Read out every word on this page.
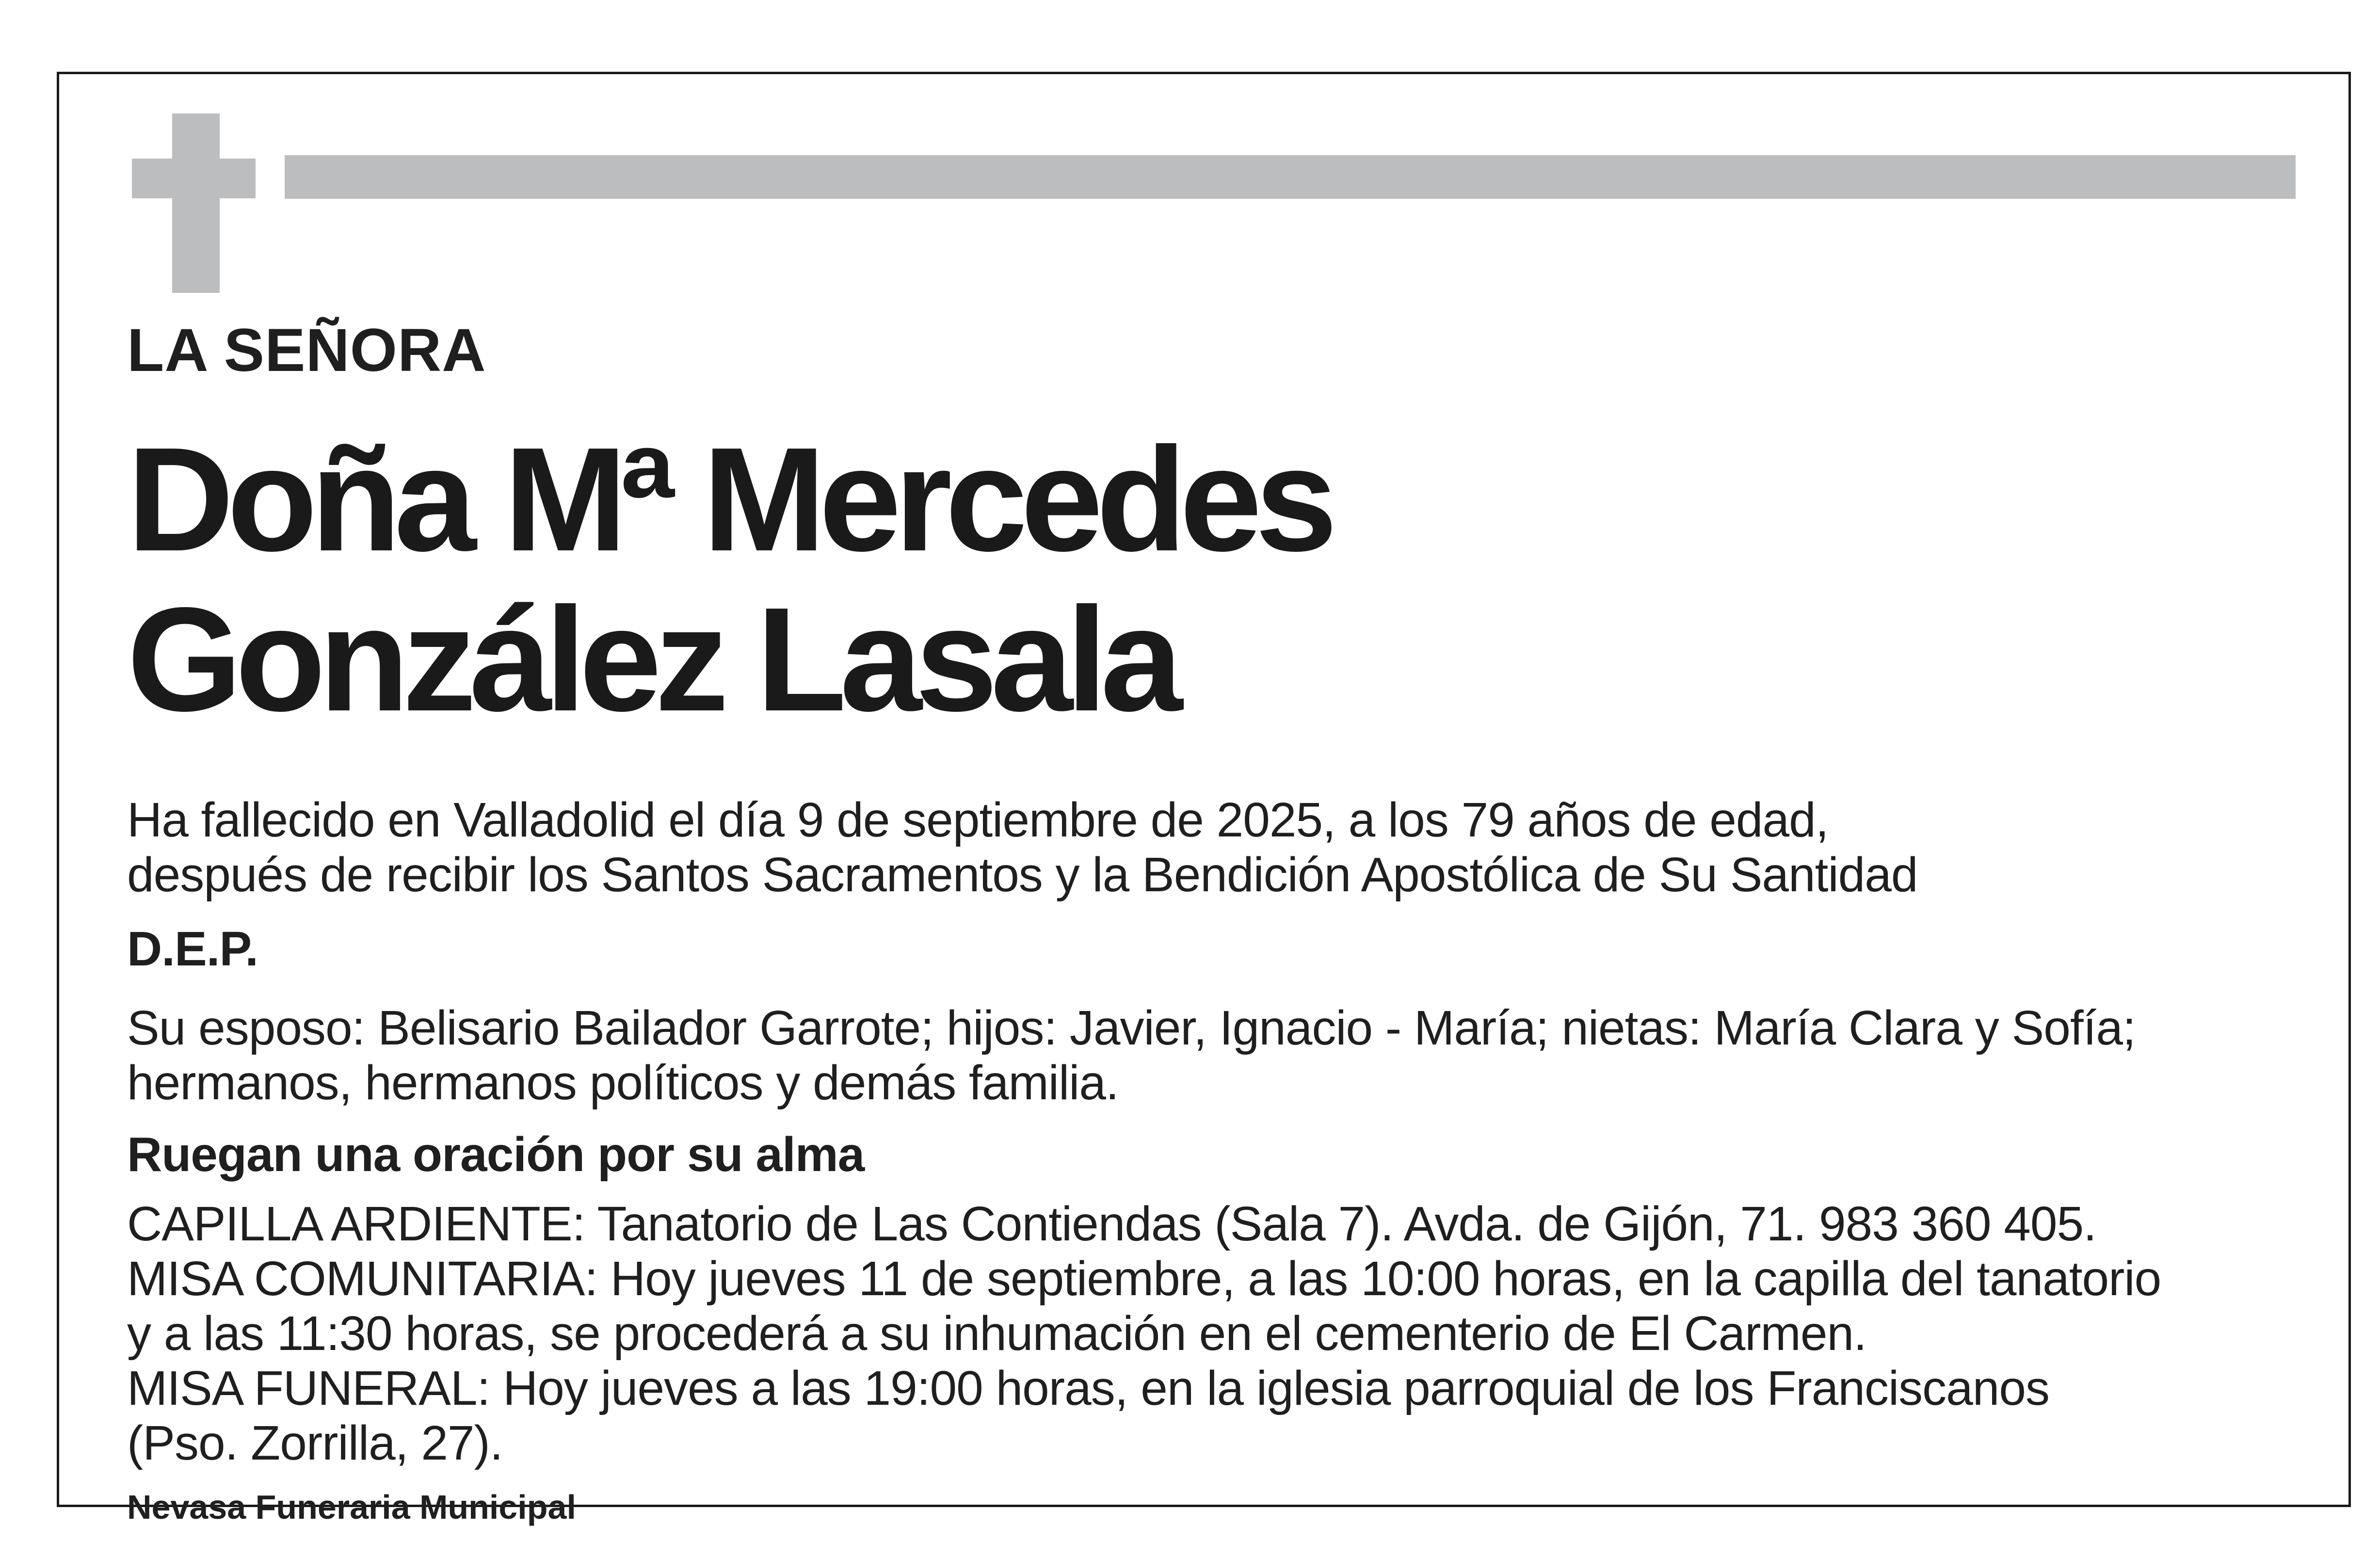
LA SEÑORA

Doña Mª Mercedes
González Lasala

Ha fallecido en Valladolid el día 9 de septiembre de 2025, a los 79 años de edad,

después de recibir los Santos Sacramentos y la Bendición Apostólica de Su Santidad

D.E.P.

Su esposo: Belisario Bailador Garrote; hijos: Javier, Ignacio - María; nietas: María Clara y Sofía;

hermanos, hermanos políticos y demás familia.

Ruegan una oración por su alma

CAPILLA ARDIENTE: Tanatorio de Las Contiendas (Sala 7). Avda. de Gijón, 71. 983 360 405.

MISA COMUNITARIA: Hoy jueves 11 de septiembre, a las 10:00 horas, en la capilla del tanatorio

y a las 11:30 horas, se procederá a su inhumación en el cementerio de El Carmen.

MISA FUNERAL: Hoy jueves a las 19:00 horas, en la iglesia parroquial de los Franciscanos

(Pso. Zorrilla, 27).

Nevasa Funeraria Municipal
